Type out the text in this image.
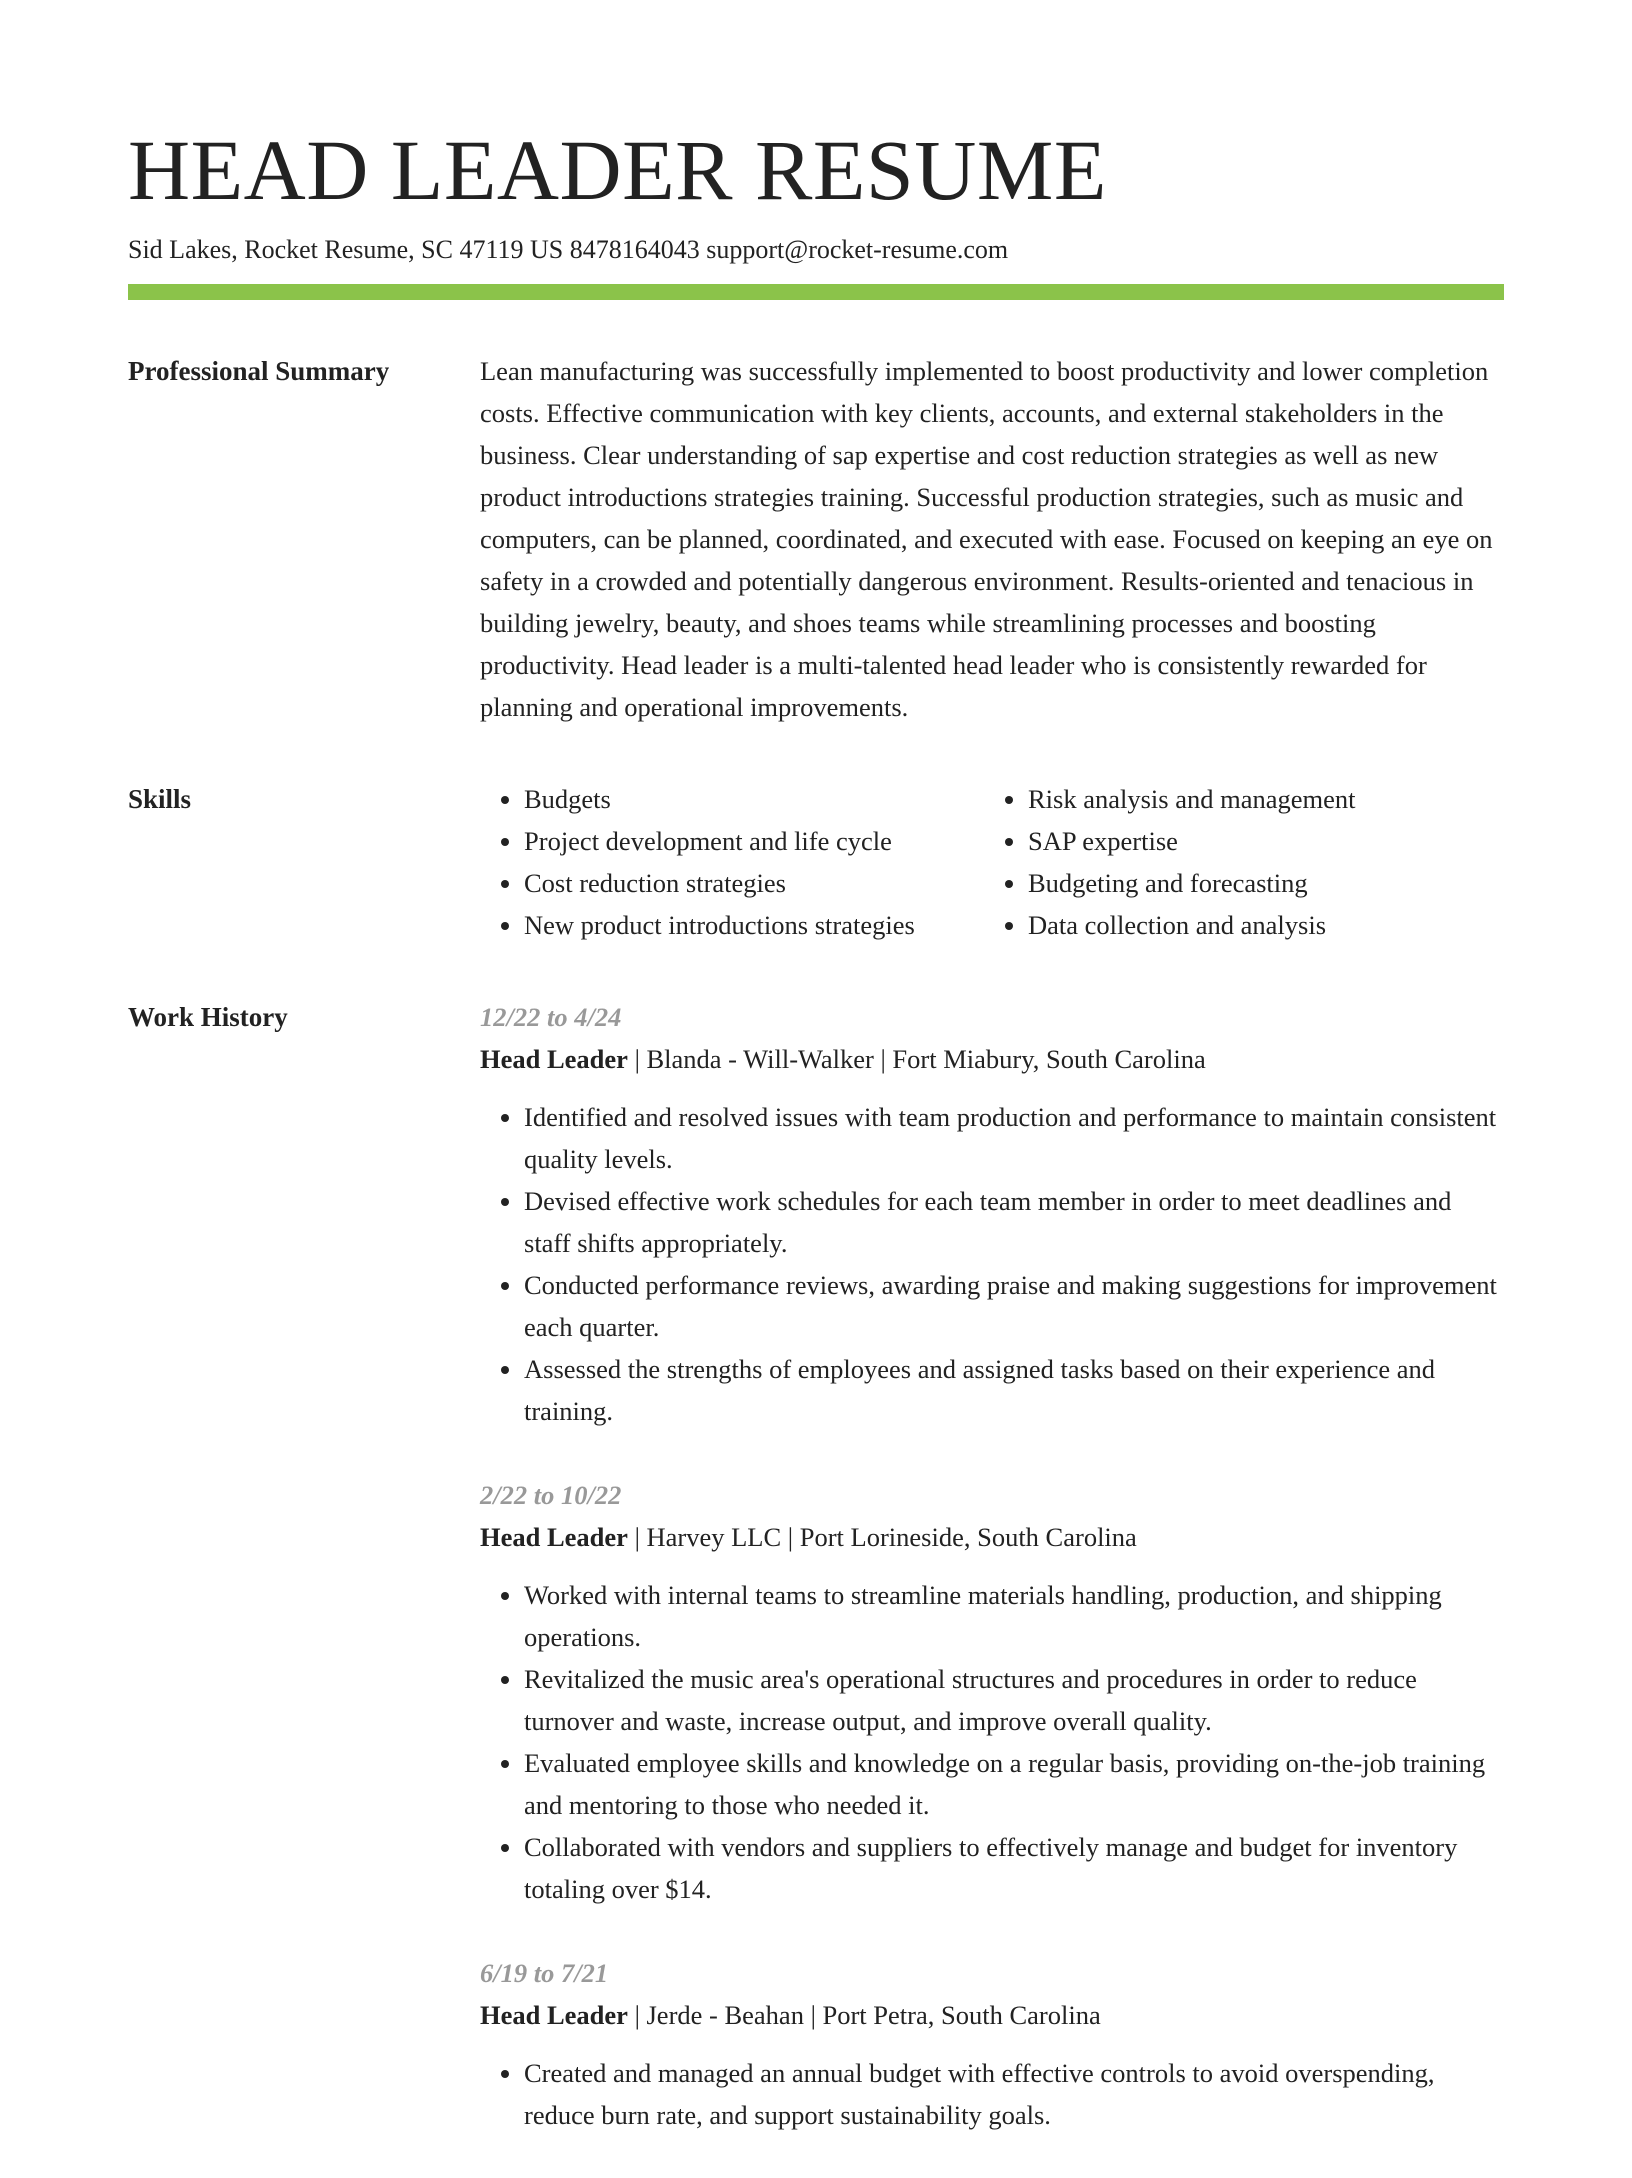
HEAD LEADER RESUME
Sid Lakes, Rocket Resume, SC 47119 US 8478164043 support@rocket-resume.com
Professional Summary	Lean manufacturing was successfully implemented to boost productivity and lower completion costs. Effective communication with key clients, accounts, and external stakeholders in the business. Clear understanding of sap expertise and cost reduction strategies as well as new product introductions strategies training. Successful production strategies, such as music and computers, can be planned, coordinated, and executed with ease. Focused on keeping an eye on safety in a crowded and potentially dangerous environment. Results-oriented and tenacious in building jewelry, beauty, and shoes teams while streamlining processes and boosting productivity. Head leader is a multi-talented head leader who is consistently rewarded for planning and operational improvements.

Skills
•	Budgets
• Project development and life cycle
• Cost reduction strategies
• New product introductions strategies
• Risk analysis and management
• SAP expertise
• Budgeting and forecasting
• Data collection and analysis
Work History	12/22 to 4/24
Head Leader | Blanda - Will-Walker | Fort Miabury, South Carolina
• Identified and resolved issues with team production and performance to maintain consistent quality levels.
• Devised effective work schedules for each team member in order to meet deadlines and staff shifts appropriately.
• Conducted performance reviews, awarding praise and making suggestions for improvement each quarter.
• Assessed the strengths of employees and assigned tasks based on their experience and training.
2/22 to 10/22
Head Leader | Harvey LLC | Port Lorineside, South Carolina
• Worked with internal teams to streamline materials handling, production, and shipping operations.
• Revitalized the music area's operational structures and procedures in order to reduce turnover and waste, increase output, and improve overall quality.
• Evaluated employee skills and knowledge on a regular basis, providing on-the-job training and mentoring to those who needed it.
• Collaborated with vendors and suppliers to effectively manage and budget for inventory totaling over $14.
6/19 to 7/21
Head Leader | Jerde - Beahan | Port Petra, South Carolina
• Created and managed an annual budget with effective controls to avoid overspending, reduce burn rate, and support sustainability goals.
